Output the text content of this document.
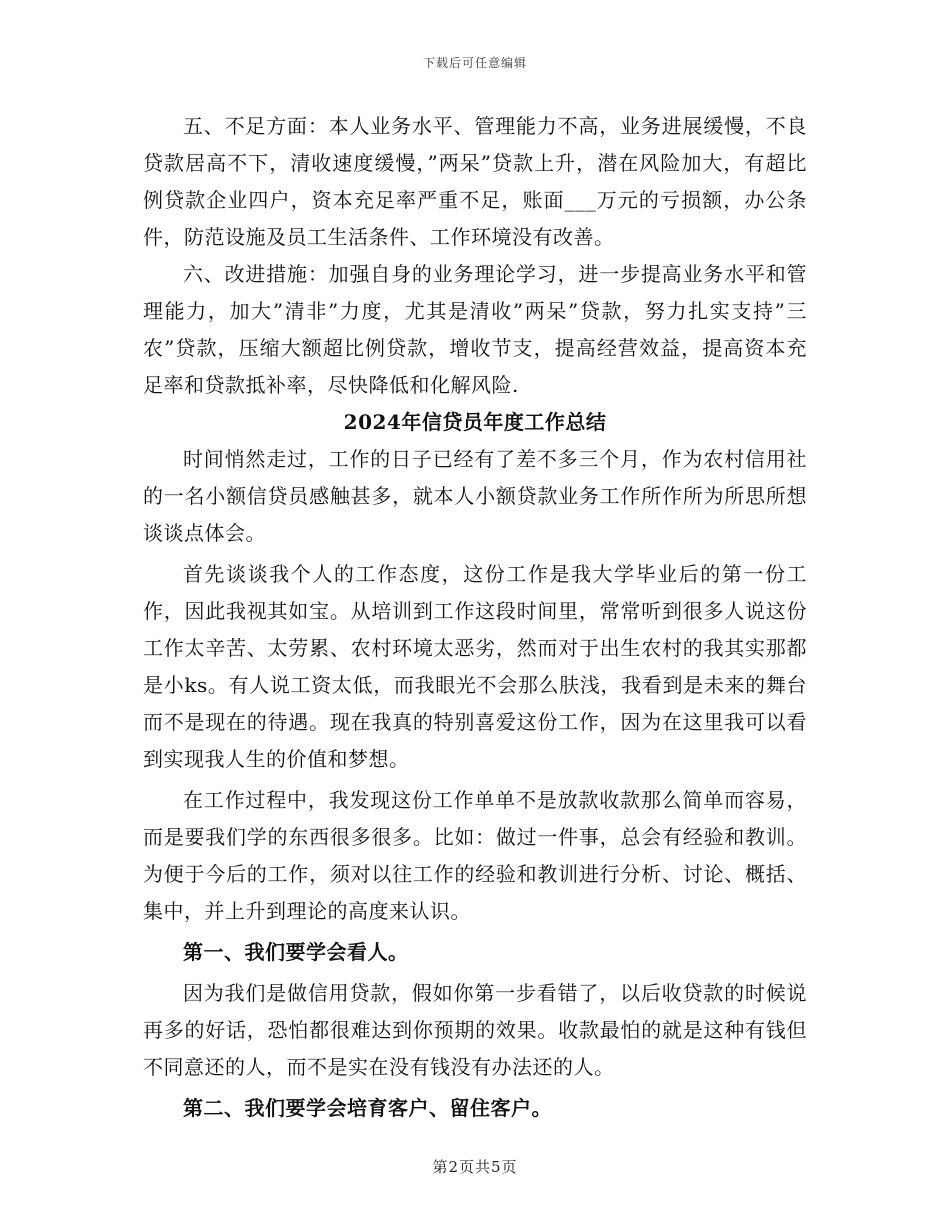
下载后可任意编辑

五、不足方面：本人业务水平、管理能力不高，业务进展缓慢，不良贷款居高不下，清收速度缓慢，”两呆”贷款上升，潜在风险加大，有超比例贷款企业四户，资本充足率严重不足，账面___万元的亏损额，办公条件，防范设施及员工生活条件、工作环境没有改善。

六、改进措施：加强自身的业务理论学习，进一步提高业务水平和管理能力，加大”清非”力度，尤其是清收”两呆”贷款，努力扎实支持”三农”贷款，压缩大额超比例贷款，增收节支，提高经营效益，提高资本充足率和贷款抵补率，尽快降低和化解风险.

2024年信贷员年度工作总结

时间悄然走过，工作的日子已经有了差不多三个月，作为农村信用社的一名小额信贷员感触甚多，就本人小额贷款业务工作所作所为所思所想谈谈点体会。

首先谈谈我个人的工作态度，这份工作是我大学毕业后的第一份工作，因此我视其如宝。从培训到工作这段时间里，常常听到很多人说这份工作太辛苦、太劳累、农村环境太恶劣，然而对于出生农村的我其实那都是小ks。有人说工资太低，而我眼光不会那么肤浅，我看到是未来的舞台而不是现在的待遇。现在我真的特别喜爱这份工作，因为在这里我可以看到实现我人生的价值和梦想。

在工作过程中，我发现这份工作单单不是放款收款那么简单而容易，而是要我们学的东西很多很多。比如：做过一件事，总会有经验和教训。为便于今后的工作，须对以往工作的经验和教训进行分析、讨论、概括、集中，并上升到理论的高度来认识。

第一、我们要学会看人。

因为我们是做信用贷款，假如你第一步看错了，以后收贷款的时候说再多的好话，恐怕都很难达到你预期的效果。收款最怕的就是这种有钱但不同意还的人，而不是实在没有钱没有办法还的人。

第二、我们要学会培育客户、留住客户。

第2页共5页
